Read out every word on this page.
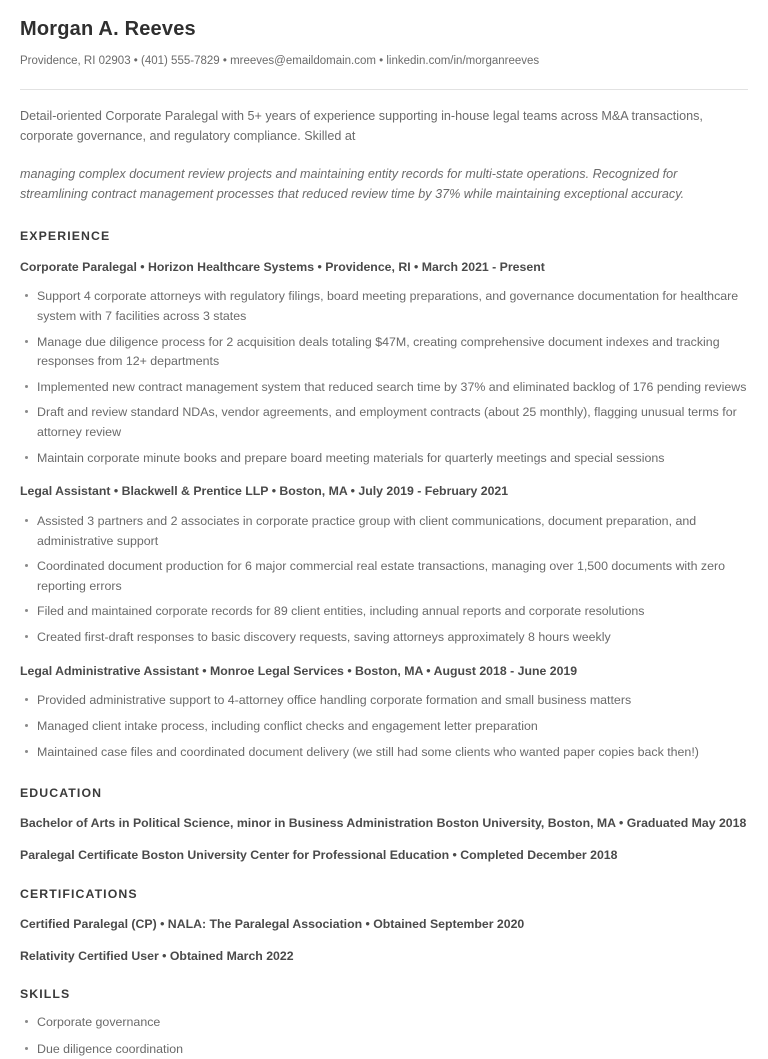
Morgan A. Reeves

Providence, RI 02903 • (401) 555-7829 • mreeves@emaildomain.com • linkedin.com/in/morganreeves

Detail-oriented Corporate Paralegal with 5+ years of experience supporting in-house legal teams across M&A transactions, corporate governance, and regulatory compliance. Skilled at

managing complex document review projects and maintaining entity records for multi-state operations. Recognized for streamlining contract management processes that reduced review time by 37% while maintaining exceptional accuracy.

EXPERIENCE

Corporate Paralegal • Horizon Healthcare Systems • Providence, RI • March 2021 - Present

Support 4 corporate attorneys with regulatory filings, board meeting preparations, and governance documentation for healthcare system with 7 facilities across 3 states
Manage due diligence process for 2 acquisition deals totaling $47M, creating comprehensive document indexes and tracking responses from 12+ departments
Implemented new contract management system that reduced search time by 37% and eliminated backlog of 176 pending reviews
Draft and review standard NDAs, vendor agreements, and employment contracts (about 25 monthly), flagging unusual terms for attorney review
Maintain corporate minute books and prepare board meeting materials for quarterly meetings and special sessions

Legal Assistant • Blackwell & Prentice LLP • Boston, MA • July 2019 - February 2021

Assisted 3 partners and 2 associates in corporate practice group with client communications, document preparation, and administrative support
Coordinated document production for 6 major commercial real estate transactions, managing over 1,500 documents with zero reporting errors
Filed and maintained corporate records for 89 client entities, including annual reports and corporate resolutions
Created first-draft responses to basic discovery requests, saving attorneys approximately 8 hours weekly

Legal Administrative Assistant • Monroe Legal Services • Boston, MA • August 2018 - June 2019

Provided administrative support to 4-attorney office handling corporate formation and small business matters
Managed client intake process, including conflict checks and engagement letter preparation
Maintained case files and coordinated document delivery (we still had some clients who wanted paper copies back then!)
EDUCATION

Bachelor of Arts in Political Science, minor in Business Administration Boston University, Boston, MA • Graduated May 2018

Paralegal Certificate Boston University Center for Professional Education • Completed December 2018

CERTIFICATIONS

Certified Paralegal (CP) • NALA: The Paralegal Association • Obtained September 2020

Relativity Certified User • Obtained March 2022

SKILLS
Corporate governance
Due diligence coordination
